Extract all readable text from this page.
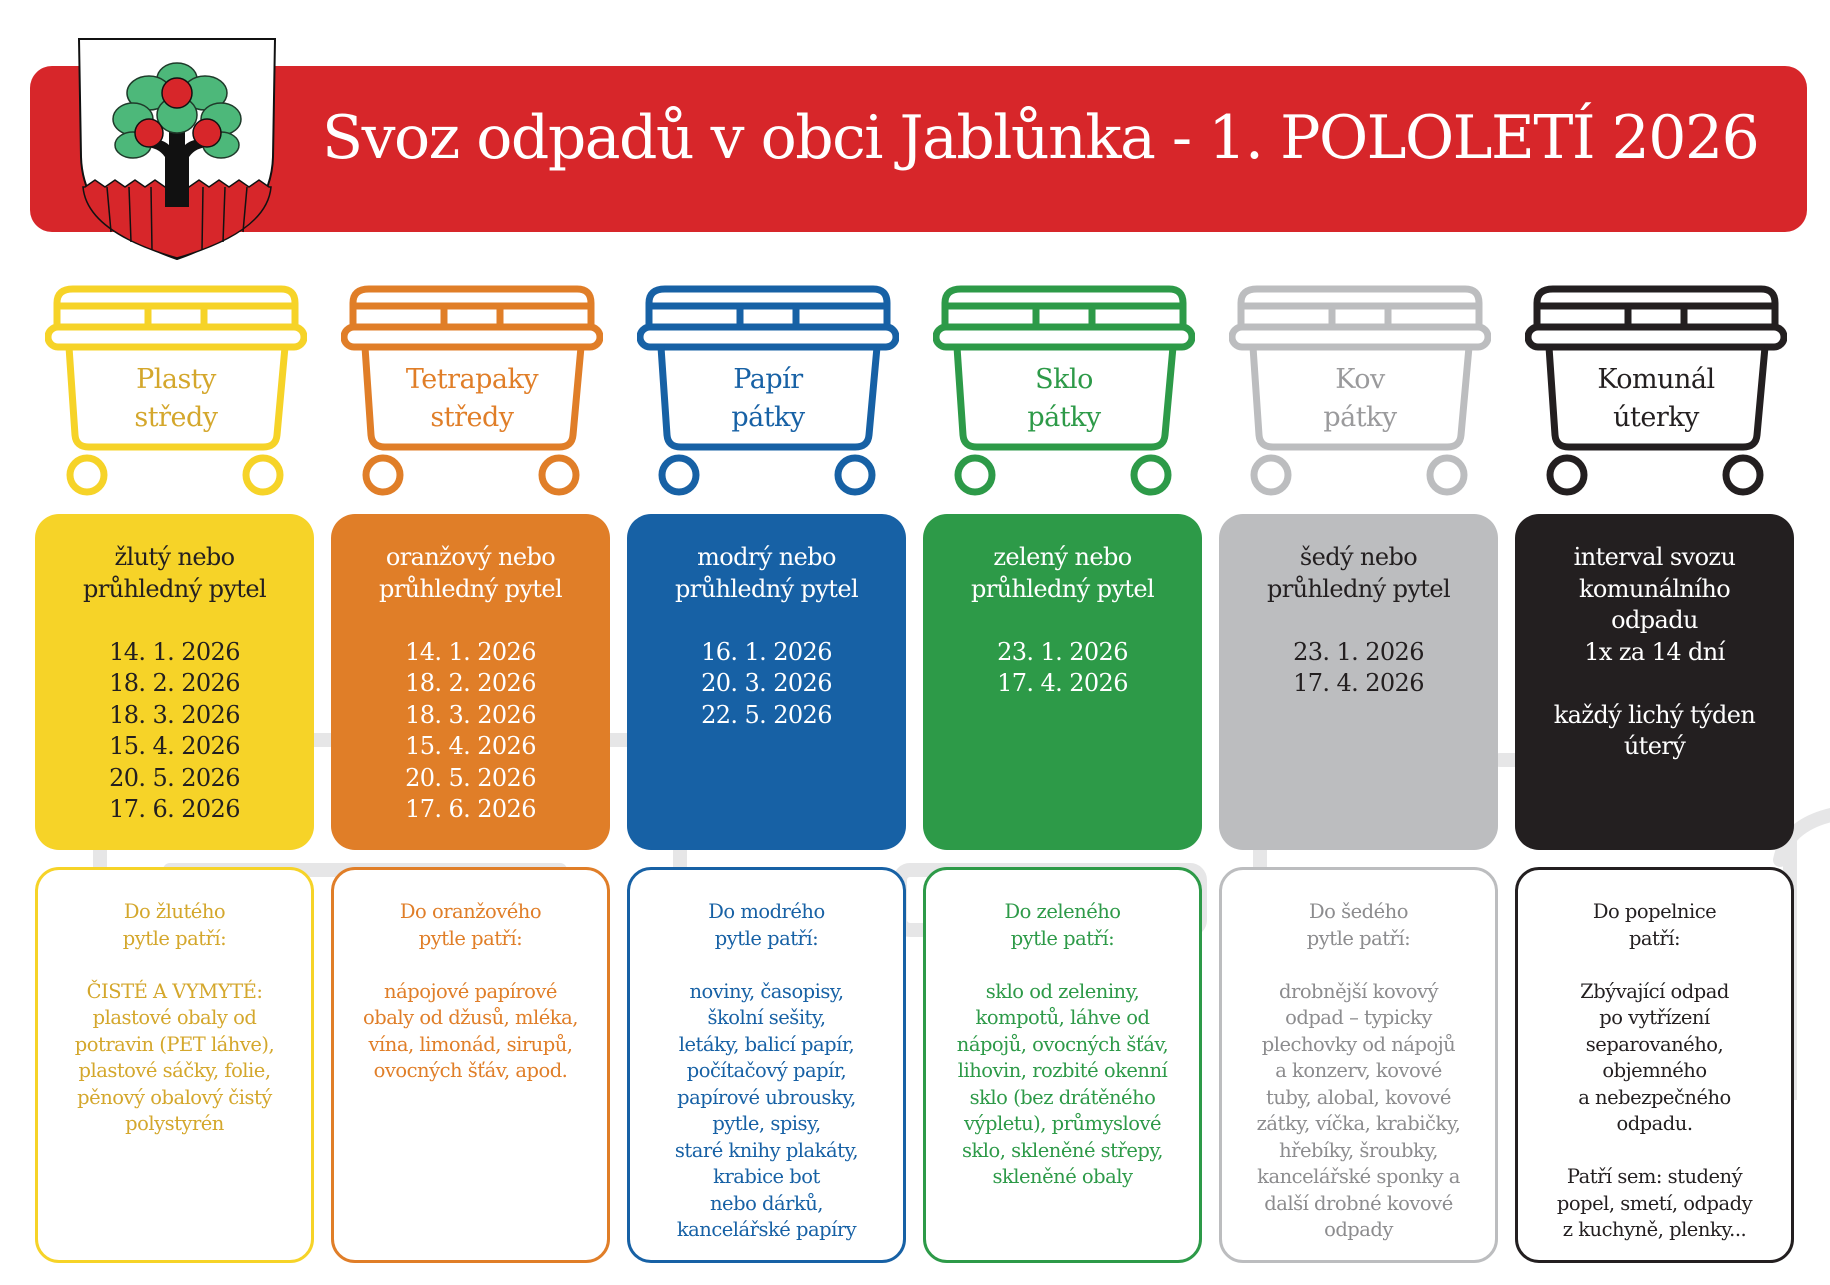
Svoz odpadů v obci Jablůnka - 1. POLOLETÍ 2026
Plasty
středy
Tetrapaky
středy
Papír
pátky
Sklo
pátky
Kov
pátky
Komunál
úterky
žlutý nebo
průhledný pytel
14. 1. 2026
18. 2. 2026
18. 3. 2026
15. 4. 2026
20. 5. 2026
17. 6. 2026
oranžový nebo
průhledný pytel
14. 1. 2026
18. 2. 2026
18. 3. 2026
15. 4. 2026
20. 5. 2026
17. 6. 2026
modrý nebo
průhledný pytel
16. 1. 2026
20. 3. 2026
22. 5. 2026
zelený nebo
průhledný pytel
23. 1. 2026
17. 4. 2026
šedý nebo
průhledný pytel
23. 1. 2026
17. 4. 2026
interval svozu
komunálního
odpadu
1x za 14 dní
každý lichý týden
úterý
Do žlutého
pytle patří:
ČISTÉ A VYMYTÉ:
plastové obaly od
potravin (PET láhve),
plastové sáčky, folie,
pěnový obalový čistý
polystyrén
Do oranžového
pytle patří:
nápojové papírové
obaly od džusů, mléka,
vína, limonád, sirupů,
ovocných šťáv, apod.
Do modrého
pytle patří:
noviny, časopisy,
školní sešity,
letáky, balicí papír,
počítačový papír,
papírové ubrousky,
pytle, spisy,
staré knihy plakáty,
krabice bot
nebo dárků,
kancelářské papíry
Do zeleného
pytle patří:
sklo od zeleniny,
kompotů, láhve od
nápojů, ovocných šťáv,
lihovin, rozbité okenní
sklo (bez drátěného
výpletu), průmyslové
sklo, skleněné střepy,
skleněné obaly
Do šedého
pytle patří:
drobnější kovový
odpad – typicky
plechovky od nápojů
a konzerv, kovové
tuby, alobal, kovové
zátky, víčka, krabičky,
hřebíky, šroubky,
kancelářské sponky a
další drobné kovové
odpady
Do popelnice
patří:
Zbývající odpad
po vytřízení
separovaného,
objemného
a nebezpečného
odpadu.
Patří sem: studený
popel, smetí, odpady
z kuchyně, plenky...
